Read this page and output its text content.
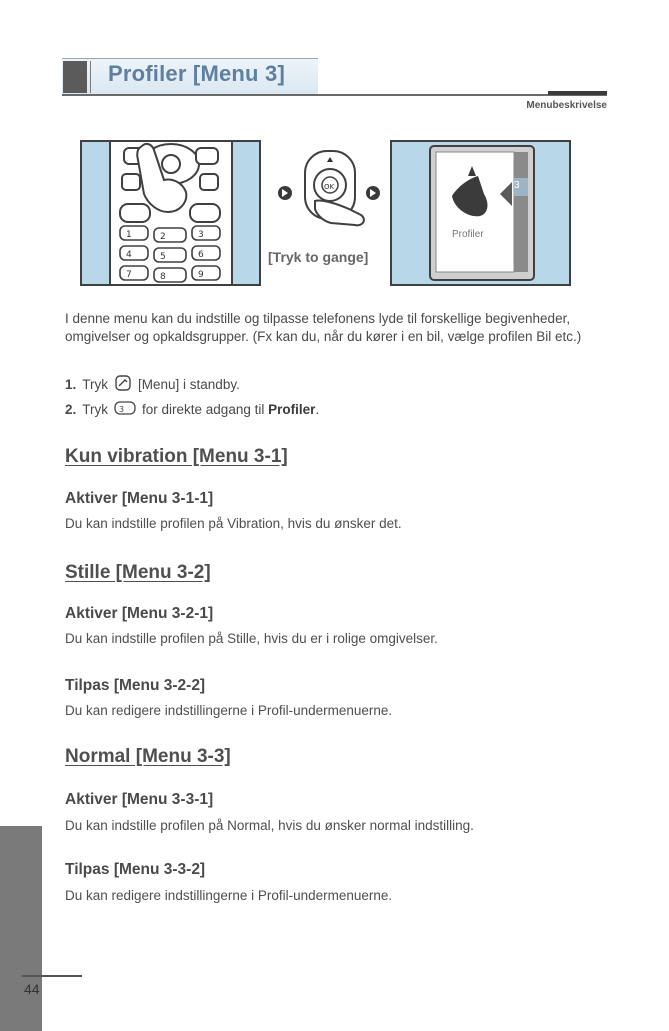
Profiler [Menu 3]
Menubeskrivelse
1	2	3
4	5	6
7	8	9
OK
[Tryk to gange]
Profiler
3
I denne menu kan du indstille og tilpasse telefonens lyde til forskellige begivenheder, omgivelser og opkaldsgrupper. (Fx kan du, når du kører i en bil, vælge profilen Bil etc.)
1. Tryk [Menu] i standby.
2. Tryk 3 for direkte adgang til
Profiler .
Kun vibration [Menu 3-1]
Aktiver [Menu 3-1-1]
Du kan indstille profilen på Vibration, hvis du ønsker det.
Stille [Menu 3-2]
Aktiver [Menu 3-2-1]
Du kan indstille profilen på Stille, hvis du er i rolige omgivelser.
Tilpas [Menu 3-2-2]
Du kan redigere indstillingerne i Profil-undermenuerne.
Normal [Menu 3-3]
Aktiver [Menu 3-3-1]
Du kan indstille profilen på Normal, hvis du ønsker normal indstilling.
Tilpas [Menu 3-3-2]
Du kan redigere indstillingerne i Profil-undermenuerne.
44
